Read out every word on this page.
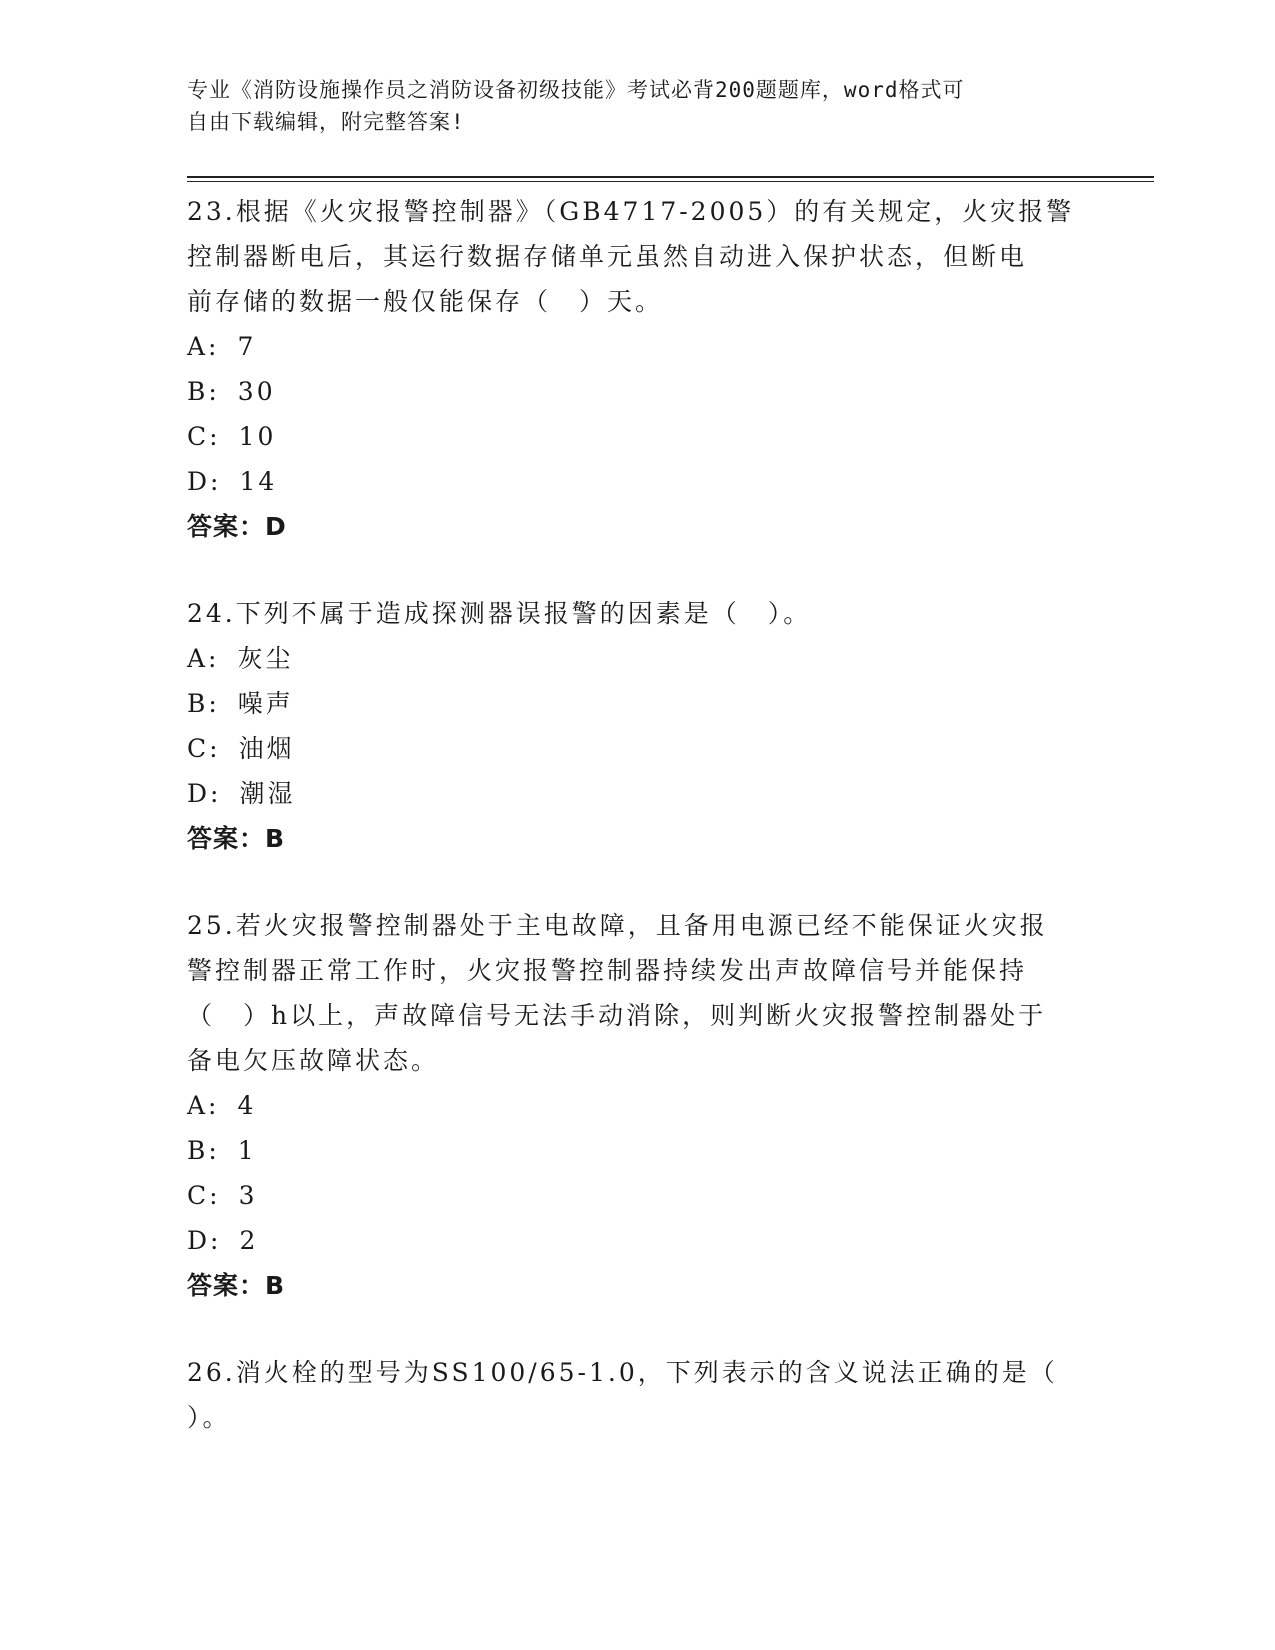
专业《消防设施操作员之消防设备初级技能》考试必背200题题库，word格式可
自由下载编辑，附完整答案!

23.根据《火灾报警控制器》（GB4717-2005）的有关规定，火灾报警

控制器断电后，其运行数据存储单元虽然自动进入保护状态，但断电

前存储的数据一般仅能保存（　）天。

A: 7

B: 30

C: 10

D: 14

答案：D

24.下列不属于造成探测器误报警的因素是（　）。

A: 灰尘

B: 噪声

C: 油烟

D: 潮湿

答案：B

25.若火灾报警控制器处于主电故障，且备用电源已经不能保证火灾报

警控制器正常工作时，火灾报警控制器持续发出声故障信号并能保持

（　）h以上，声故障信号无法手动消除，则判断火灾报警控制器处于

备电欠压故障状态。

A: 4

B: 1

C: 3

D: 2

答案：B

26.消火栓的型号为SS100/65-1.0，下列表示的含义说法正确的是（

）。
